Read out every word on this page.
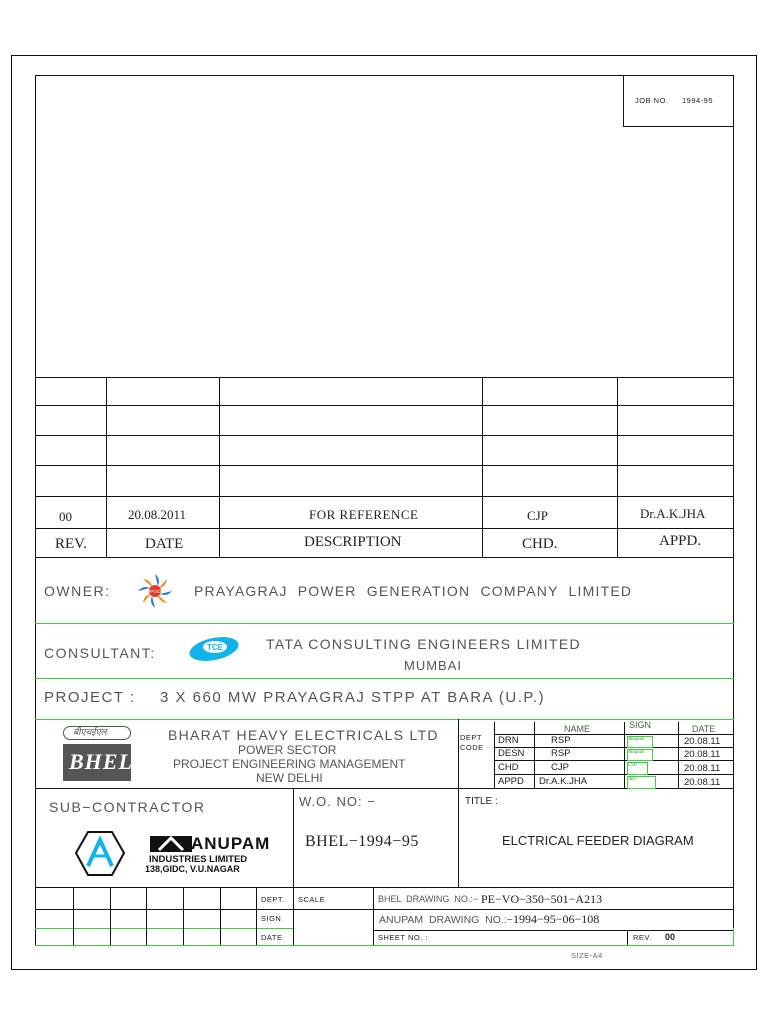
JOB NO. 1994-95
00	20.08.2011	FOR REFERENCE	CJP	Dr.A.K.JHA
REV.	DATE	DESCRIPTION	CHD.	APPD.
OWNER:	PPGCL PRAYAGRAJ  POWER  GENERATION  COMPANY  LIMITED
CONSULTANT:	TCE	TATA CONSULTING ENGINEERS LIMITED
MUMBAI
PROJECT : 3 X 660 MW PRAYAGRAJ STPP AT BARA (U.P.)
बीएचईएल
BHEL
BHARAT HEAVY ELECTRICALS LTD
POWER SECTOR
PROJECT ENGINEERING MANAGEMENT
NEW DELHI
DEPT
CODE
NAME	SIGN	DATE
DRN	RSP	Anupam	20.08.11
DESN	RSP	Anupam	20.08.11
CHD	CJP	CJP	20.08.11
APPD Dr.A.K.JHA	AKJ	20.08.11
SUB−CONTRACTOR
ANUPAM
INDUSTRIES LIMITED
138,GIDC, V.U.NAGAR
W.O. NO: −
BHEL−1994−95
TITLE :
ELCTRICAL FEEDER DIAGRAM
DEPT.
SIGN
DATE
SCALE	BHEL  DRAWING  NO.:− PE−VO−350−501−A213
ANUPAM  DRAWING  NO.:− 1994−95−06−108
SHEET NO. :	REV. 00
SIZE-A4
